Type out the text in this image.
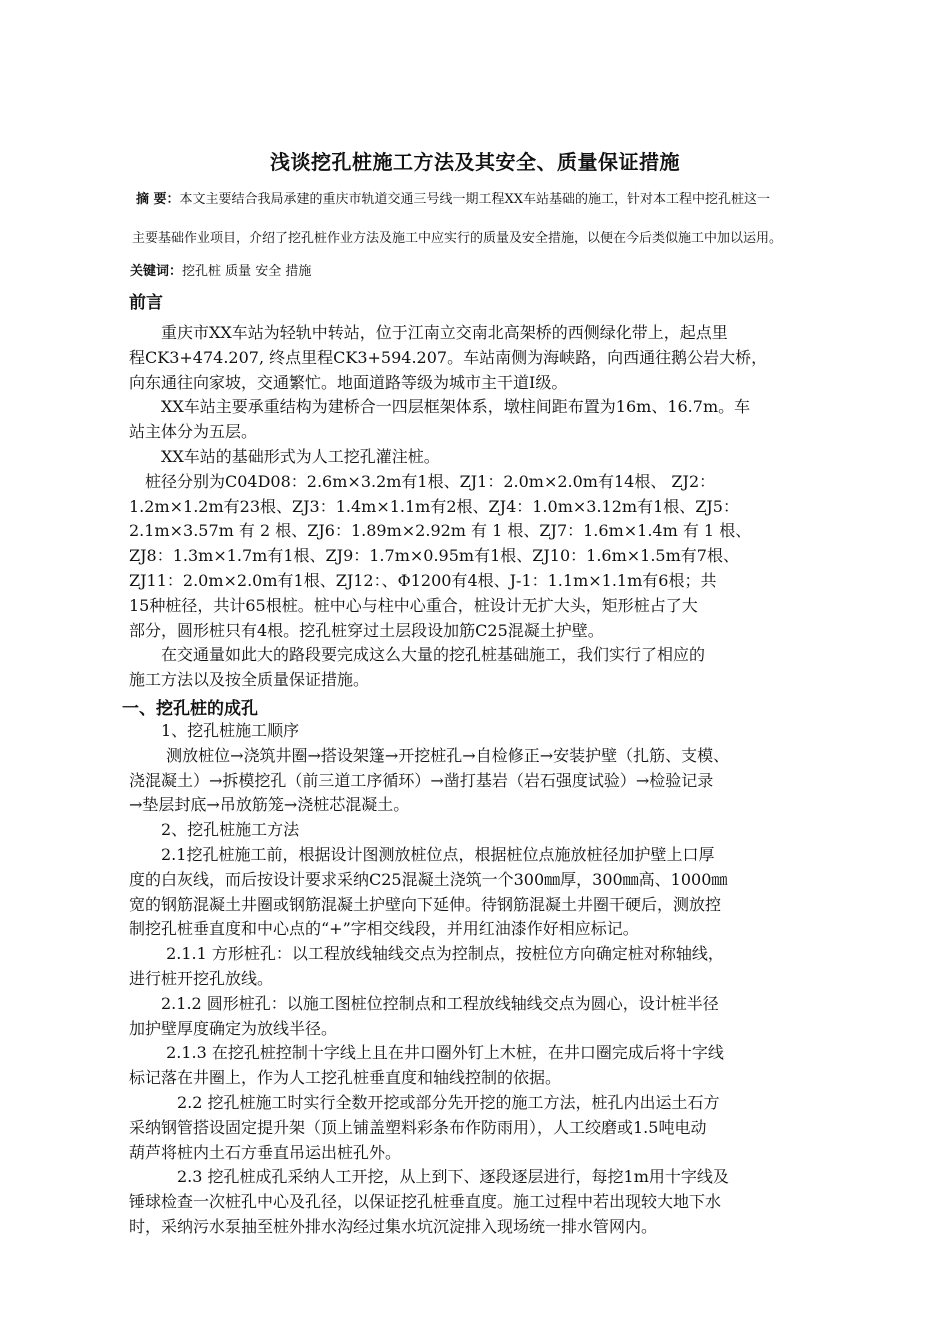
浅谈挖孔桩施工方法及其安全、质量保证措施
摘 要：本文主要结合我局承建的重庆市轨道交通三号线一期工程XX车站基础的施工，针对本工程中挖孔桩这一
主要基础作业项目，介绍了挖孔桩作业方法及施工中应实行的质量及安全措施，以便在今后类似施工中加以运用。
关键词：挖孔桩 质量 安全 措施
前言
　　重庆市XX车站为轻轨中转站，位于江南立交南北高架桥的西侧绿化带上，起点里
程CK3+474.207, 终点里程CK3+594.207。车站南侧为海峡路，向西通往鹅公岩大桥，
向东通往向家坡，交通繁忙。地面道路等级为城市主干道Ⅰ级。
　　XX车站主要承重结构为建桥合一四层框架体系，墩柱间距布置为16m、16.7m。车
站主体分为五层。
　　XX车站的基础形式为人工挖孔灌注桩。
　桩径分别为C04D08：2.6m×3.2m有1根、ZJ1：2.0m×2.0m有14根、 ZJ2：
1.2m×1.2m有23根、ZJ3：1.4m×1.1m有2根、ZJ4：1.0m×3.12m有1根、ZJ5：
2.1m×3.57m 有 2 根、ZJ6：1.89m×2.92m 有 1 根、ZJ7：1.6m×1.4m 有 1 根、
ZJ8：1.3m×1.7m有1根、ZJ9：1.7m×0.95m有1根、ZJ10：1.6m×1.5m有7根、
ZJ11：2.0m×2.0m有1根、ZJ12：、Φ1200有4根、J-1：1.1m×1.1m有6根；共
15种桩径，共计65根桩。桩中心与柱中心重合，桩设计无扩大头，矩形桩占了大
部分，圆形桩只有4根。挖孔桩穿过土层段设加筋C25混凝土护壁。
　　在交通量如此大的路段要完成这么大量的挖孔桩基础施工，我们实行了相应的
施工方法以及按全质量保证措施。
一、挖孔桩的成孔
　　1、挖孔桩施工顺序
　　 测放桩位→浇筑井圈→搭设架篷→开挖桩孔→自检修正→安装护壁（扎筋、支模、
浇混凝土）→拆模挖孔（前三道工序循环）→凿打基岩（岩石强度试验）→检验记录
→垫层封底→吊放筋笼→浇桩芯混凝土。
　　2、挖孔桩施工方法
　　2.1挖孔桩施工前，根据设计图测放桩位点，根据桩位点施放桩径加护壁上口厚
度的白灰线，而后按设计要求采纳C25混凝土浇筑一个300㎜厚，300㎜高、1000㎜
宽的钢筋混凝土井圈或钢筋混凝土护壁向下延伸。待钢筋混凝土井圈干硬后，测放控
制挖孔桩垂直度和中心点的“+”字相交线段，并用红油漆作好相应标记。
　　 2.1.1 方形桩孔：以工程放线轴线交点为控制点，按桩位方向确定桩对称轴线，
进行桩开挖孔放线。
　　2.1.2 圆形桩孔：以施工图桩位控制点和工程放线轴线交点为圆心，设计桩半径
加护壁厚度确定为放线半径。
　　 2.1.3 在挖孔桩控制十字线上且在井口圈外钉上木桩，在井口圈完成后将十字线
标记落在井圈上，作为人工挖孔桩垂直度和轴线控制的依据。
　　　2.2 挖孔桩施工时实行全数开挖或部分先开挖的施工方法，桩孔内出运土石方
采纳钢管搭设固定提升架（顶上铺盖塑料彩条布作防雨用），人工绞磨或1.5吨电动
葫芦将桩内土石方垂直吊运出桩孔外。
　　　2.3 挖孔桩成孔采纳人工开挖，从上到下、逐段逐层进行，每挖1m用十字线及
锤球检查一次桩孔中心及孔径，以保证挖孔桩垂直度。施工过程中若出现较大地下水
时，采纳污水泵抽至桩外排水沟经过集水坑沉淀排入现场统一排水管网内。
